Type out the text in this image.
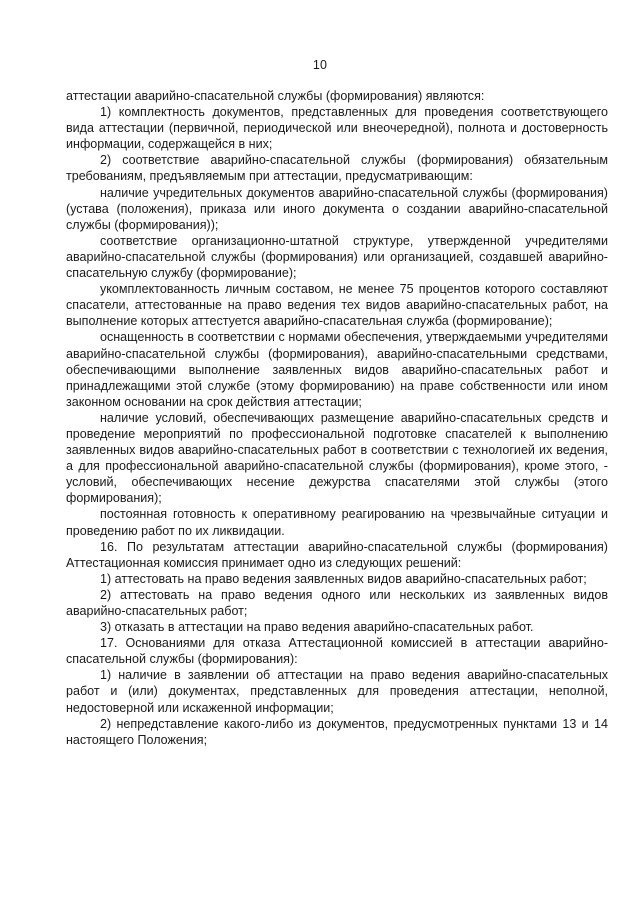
10

аттестации аварийно-спасательной службы (формирования) являются:

1) комплектность документов, представленных для проведения соответствующего вида аттестации (первичной, периодической или внеочередной), полнота и достоверность информации, содержащейся в них;

2) соответствие аварийно-спасательной службы (формирования) обязательным требованиям, предъявляемым при аттестации, предусматривающим:

наличие учредительных документов аварийно-спасательной службы (формирования) (устава (положения), приказа или иного документа о создании аварийно-спасательной службы (формирования));

соответствие организационно-штатной структуре, утвержденной учредителями аварийно-спасательной службы (формирования) или организацией, создавшей аварийно-спасательную службу (формирование);

укомплектованность личным составом, не менее 75 процентов которого составляют спасатели, аттестованные на право ведения тех видов аварийно-спасательных работ, на выполнение которых аттестуется аварийно-спасательная служба (формирование);

оснащенность в соответствии с нормами обеспечения, утверждаемыми учредителями аварийно-спасательной службы (формирования), аварийно-спасательными средствами, обеспечивающими выполнение заявленных видов аварийно-спасательных работ и принадлежащими этой службе (этому формированию) на праве собственности или ином законном основании на срок действия аттестации;

наличие условий, обеспечивающих размещение аварийно-спасательных средств и проведение мероприятий по профессиональной подготовке спасателей к выполнению заявленных видов аварийно-спасательных работ в соответствии с технологией их ведения, а для профессиональной аварийно-спасательной службы (формирования), кроме этого, - условий, обеспечивающих несение дежурства спасателями этой службы (этого формирования);

постоянная готовность к оперативному реагированию на чрезвычайные ситуации и проведению работ по их ликвидации.

16. По результатам аттестации аварийно-спасательной службы (формирования) Аттестационная комиссия принимает одно из следующих решений:

1) аттестовать на право ведения заявленных видов аварийно-спасательных работ;

2) аттестовать на право ведения одного или нескольких из заявленных видов аварийно-спасательных работ;

3) отказать в аттестации на право ведения аварийно-спасательных работ.

17. Основаниями для отказа Аттестационной комиссией в аттестации аварийно-спасательной службы (формирования):

1) наличие в заявлении об аттестации на право ведения аварийно-спасательных работ и (или) документах, представленных для проведения аттестации, неполной, недостоверной или искаженной информации;

2) непредставление какого-либо из документов, предусмотренных пунктами 13 и 14 настоящего Положения;
